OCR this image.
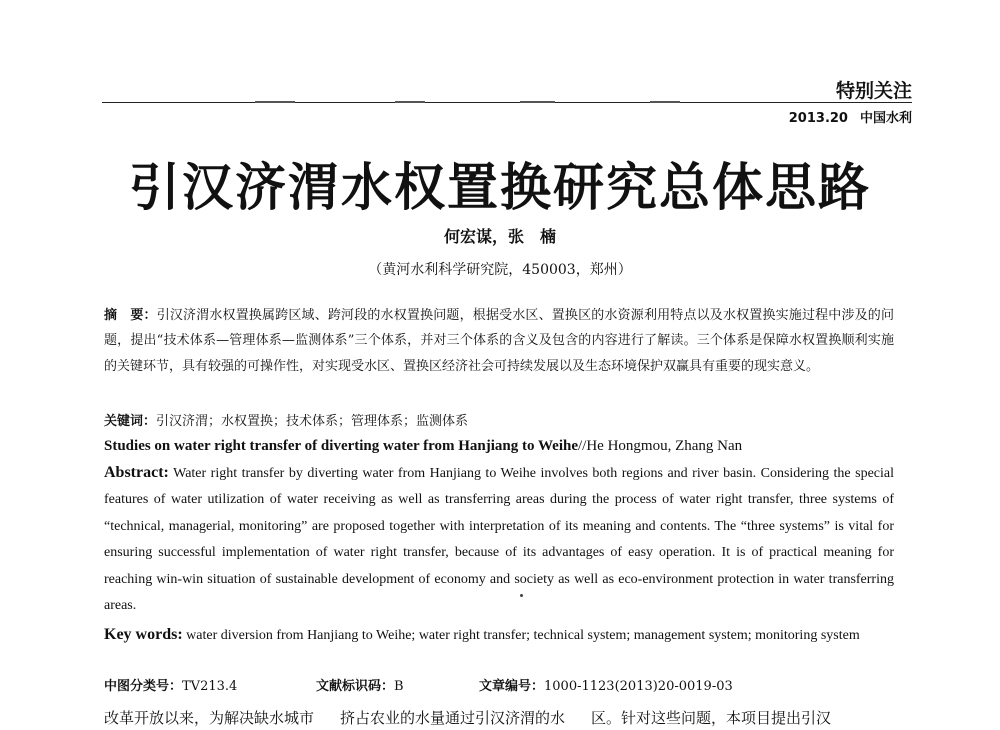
特别关注
2013.20 中国水利
引汉济渭水权置换研究总体思路
何宏谋，张　楠
（黄河水利科学研究院，450003，郑州）
摘　要：引汉济渭水权置换属跨区域、跨河段的水权置换问题，根据受水区、置换区的水资源利用特点以及水权置换实施过程中涉及的问题，提出“技术体系—管理体系—监测体系”三个体系，并对三个体系的含义及包含的内容进行了解读。三个体系是保障水权置换顺利实施的关键环节，具有较强的可操作性，对实现受水区、置换区经济社会可持续发展以及生态环境保护双赢具有重要的现实意义。
关键词：引汉济渭；水权置换；技术体系；管理体系；监测体系
Studies on water right transfer of diverting water from Hanjiang to Weihe//He Hongmou, Zhang Nan
Abstract: Water right transfer by diverting water from Hanjiang to Weihe involves both regions and river basin. Considering the special features of water utilization of water receiving as well as transferring areas during the process of water right transfer, three systems of “technical, managerial, monitoring” are proposed together with interpretation of its meaning and contents. The “three systems” is vital for ensuring successful implementation of water right transfer, because of its advantages of easy operation. It is of practical meaning for reaching win-win situation of sustainable development of economy and society as well as eco-environment protection in water transferring areas.
Key words: water diversion from Hanjiang to Weihe; water right transfer; technical system; management system; monitoring system
中图分类号：TV213.4	文献标识码：B	文章编号：1000-1123(2013)20-0019-03
改革开放以来，为解决缺水城市 挤占农业的水量通过引汉济渭的水 区。针对这些问题，本项目提出引汉
